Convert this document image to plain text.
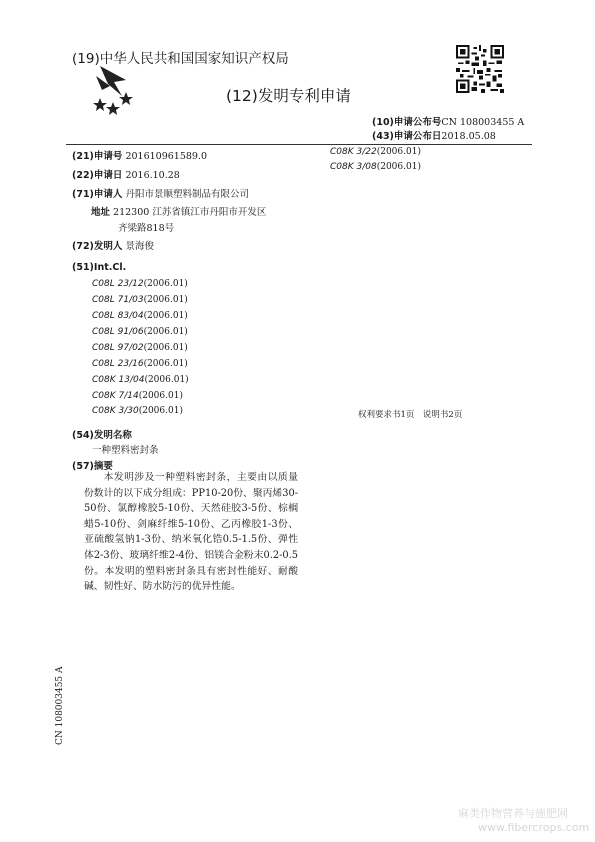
(19)中华人民共和国国家知识产权局
(12)发明专利申请
(10)申请公布号CN 108003455 A
(43)申请公布日2018.05.08
(21)申请号 201610961589.0
(22)申请日 2016.10.28
(71)申请人 丹阳市景顺塑料制品有限公司
地址 212300 江苏省镇江市丹阳市开发区
齐梁路818号
(72)发明人 景海俊
(51)Int.Cl.
C08K 3/22(2006.01)
C08K 3/08(2006.01)
C08L 23/12(2006.01)
C08L 71/03(2006.01)
C08L 83/04(2006.01)
C08L 91/06(2006.01)
C08L 97/02(2006.01)
C08L 23/16(2006.01)
C08K 13/04(2006.01)
C08K 7/14(2006.01)
C08K 3/30(2006.01)	权利要求书1页　说明书2页
(54)发明名称
一种塑料密封条
(57)摘要
本发明涉及一种塑料密封条，主要由以质量份数计的以下成分组成：PP10-20份、聚丙烯30-50份、氯醇橡胶5-10份、天然硅胶3-5份、棕榈蜡5-10份、剑麻纤维5-10份、乙丙橡胶1-3份、亚硫酸氢钠1-3份、纳米氧化锆0.5-1.5份、弹性体2-3份、玻璃纤维2-4份、铝镁合金粉末0.2-0.5份。本发明的塑料密封条具有密封性能好、耐酸碱、韧性好、防水防污的优异性能。
CN 108003455 A
麻类作物营养与施肥网
www.fibercrops.com
